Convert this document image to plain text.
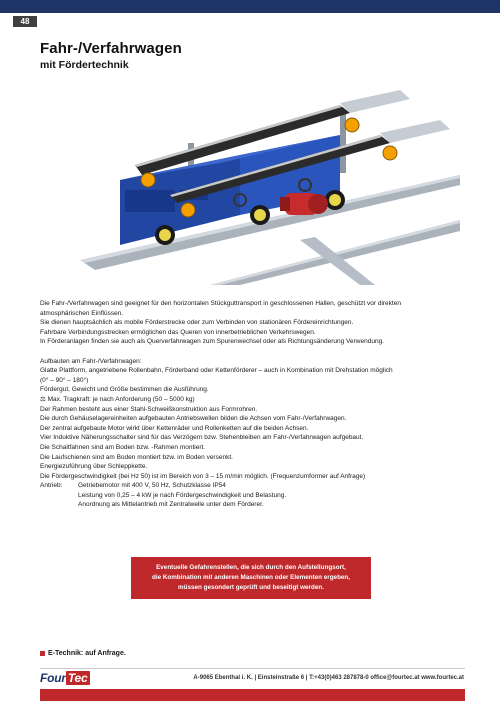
48
Fahr-/Verfahrwagen
mit Fördertechnik

Die Fahr-/Verfahrwagen sind geeignet für den horizontalen Stückguttransport in geschlossenen Hallen, geschützt vor direkten

atmosphärischen Einflüssen.

Sie dienen hauptsächlich als mobile Förderstrecke oder zum Verbinden von stationären Fördereinrichtungen.

Fahrbare Verbindungsstrecken ermöglichen das Queren von innerbetrieblichen Verkehrswegen.

In Förderanlagen finden sie auch als Querverfahrwagen zum Spurenwechsel oder als Richtungsänderung Verwendung.

Aufbauten am Fahr-/Verfahrwagen:

Glatte Plattform, angetriebene Rollenbahn, Förderband oder Kettenförderer – auch in Kombination mit Drehstation möglich

(0° – 90° – 180°)

Fördergut, Gewicht und Größe bestimmen die Ausführung.

⚖ Max. Tragkraft: je nach Anforderung (50 – 5000 kg)

Der Rahmen besteht aus einer Stahl-Schweißkonstruktion aus Formrohren.

Die durch Gehäuselagereinheiten aufgebauten Antriebswellen bilden die Achsen vom Fahr-/Verfahrwagen.

Der zentral aufgebaute Motor wirkt über Kettenräder und Rollenketten auf die beiden Achsen.

Vier Induktive Näherungsschalter sind für das Verzögern bzw. Stehenbleiben am Fahr-/Verfahrwagen aufgebaut.

Die Schaltfahnen sind am Boden bzw. -Rahmen montiert.

Die Laufschienen sind am Boden montiert bzw. im Boden versenkt.

Energiezuführung über Schleppkette.

Die Fördergeschwindigkeit (bei Hz 50) ist im Bereich von 3 – 15 m/min möglich. (Frequenzumformer auf Anfrage)

Antrieb:	Getriebemotor mit 400 V, 50 Hz, Schutzklasse IP54

Leistung von 0,25 – 4 kW je nach Fördergeschwindigkeit und Belastung.

Anordnung als Mittelantrieb mit Zentralwelle unter dem Förderer.

Eventuelle Gefahrenstellen, die sich durch den Aufstellungsort,

die Kombination mit anderen Maschinen oder Elementen ergeben,

müssen gesondert geprüft und beseitigt werden.

E-Technik: auf Anfrage.
Four Tec	A-9065 Ebenthal i. K. | Einsteinstraße 6 | T:+43(0)463 287878-0 office@fourtec.at www.fourtec.at
